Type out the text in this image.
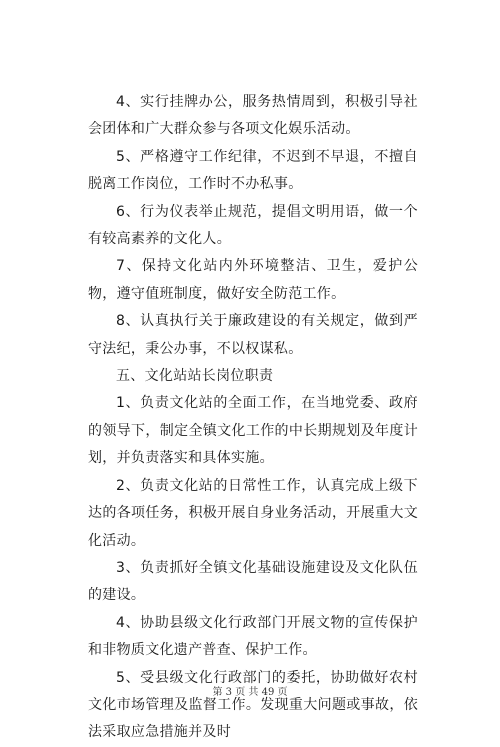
4、实行挂牌办公，服务热情周到，积极引导社会团体和广大群众参与各项文化娱乐活动。

5、严格遵守工作纪律，不迟到不早退，不擅自脱离工作岗位，工作时不办私事。

6、行为仪表举止规范，提倡文明用语，做一个有较高素养的文化人。

7、保持文化站内外环境整洁、卫生，爱护公物，遵守值班制度，做好安全防范工作。

8、认真执行关于廉政建设的有关规定，做到严守法纪，秉公办事，不以权谋私。

五、文化站站长岗位职责

1、负责文化站的全面工作，在当地党委、政府的领导下，制定全镇文化工作的中长期规划及年度计划，并负责落实和具体实施。

2、负责文化站的日常性工作，认真完成上级下达的各项任务，积极开展自身业务活动，开展重大文化活动。

3、负责抓好全镇文化基础设施建设及文化队伍的建设。

4、协助县级文化行政部门开展文物的宣传保护和非物质文化遗产普查、保护工作。

5、受县级文化行政部门的委托，协助做好农村文化市场管理及监督工作。发现重大问题或事故，依法采取应急措施并及时

第 3 页 共 49 页
